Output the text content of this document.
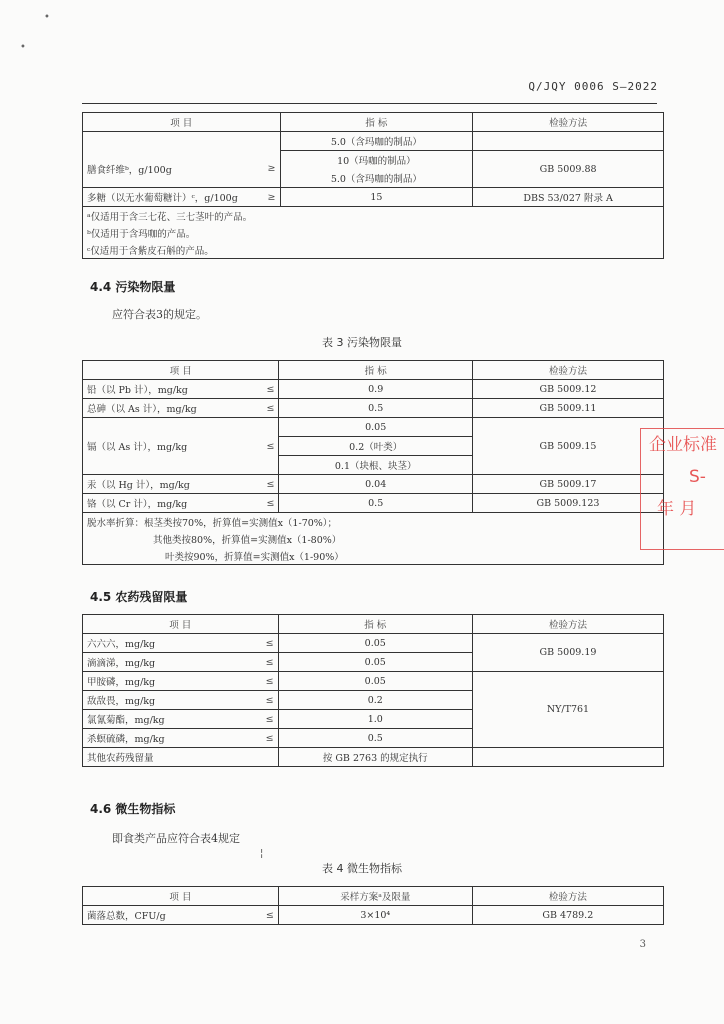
•
•
Q/JQY 0006 S—2022
项 目		指 标	检验方法
		5.0（含玛咖的制品）	
膳食纤维ᵇ，g/100g	≥	10（玛咖的制品）	GB 5009.88
		5.0（含玛咖的制品）	
多糖（以无水葡萄糖计）ᶜ，g/100g	≥	15	DBS 53/027 附录 A
ᵃ仅适用于含三七花、三七茎叶的产品。			
ᵇ仅适用于含玛咖的产品。			
ᶜ仅适用于含紫皮石斛的产品。			
4.4 污染物限量
应符合表3的规定。
表 3 污染物限量
项 目		指 标	检验方法
铅（以 Pb 计），mg/kg	≤	0.9	GB 5009.12
总砷（以 As 计），mg/kg	≤	0.5	GB 5009.11
镉（以 As 计），mg/kg	≤	0.05	GB 5009.15
		0.2（叶类）	
		0.1（块根、块茎）	
汞（以 Hg 计），mg/kg	≤	0.04	GB 5009.17
铬（以 Cr 计），mg/kg	≤	0.5	GB 5009.123
脱水率折算：根茎类按70%，折算值=实测值x（1-70%）；			
其他类按80%，折算值=实测值x（1-80%）			
叶类按90%，折算值=实测值x（1-90%）			
4.5 农药残留限量
项 目		指 标	检验方法
六六六，mg/kg	≤	0.05	GB 5009.19
滴滴涕，mg/kg	≤	0.05	
甲胺磷，mg/kg	≤	0.05	NY/T761
敌敌畏，mg/kg	≤	0.2	
氯氰菊酯，mg/kg	≤	1.0	
杀螟硫磷，mg/kg	≤	0.5	
其他农药残留量		按 GB 2763 的规定执行	
4.6 微生物指标
即食类产品应符合表4规定
¦
表 4 微生物指标
项 目		采样方案ᵃ及限量	检验方法
菌落总数，CFU/g	≤	3×10⁴	GB 4789.2
企业标准
S-
年 月
3
